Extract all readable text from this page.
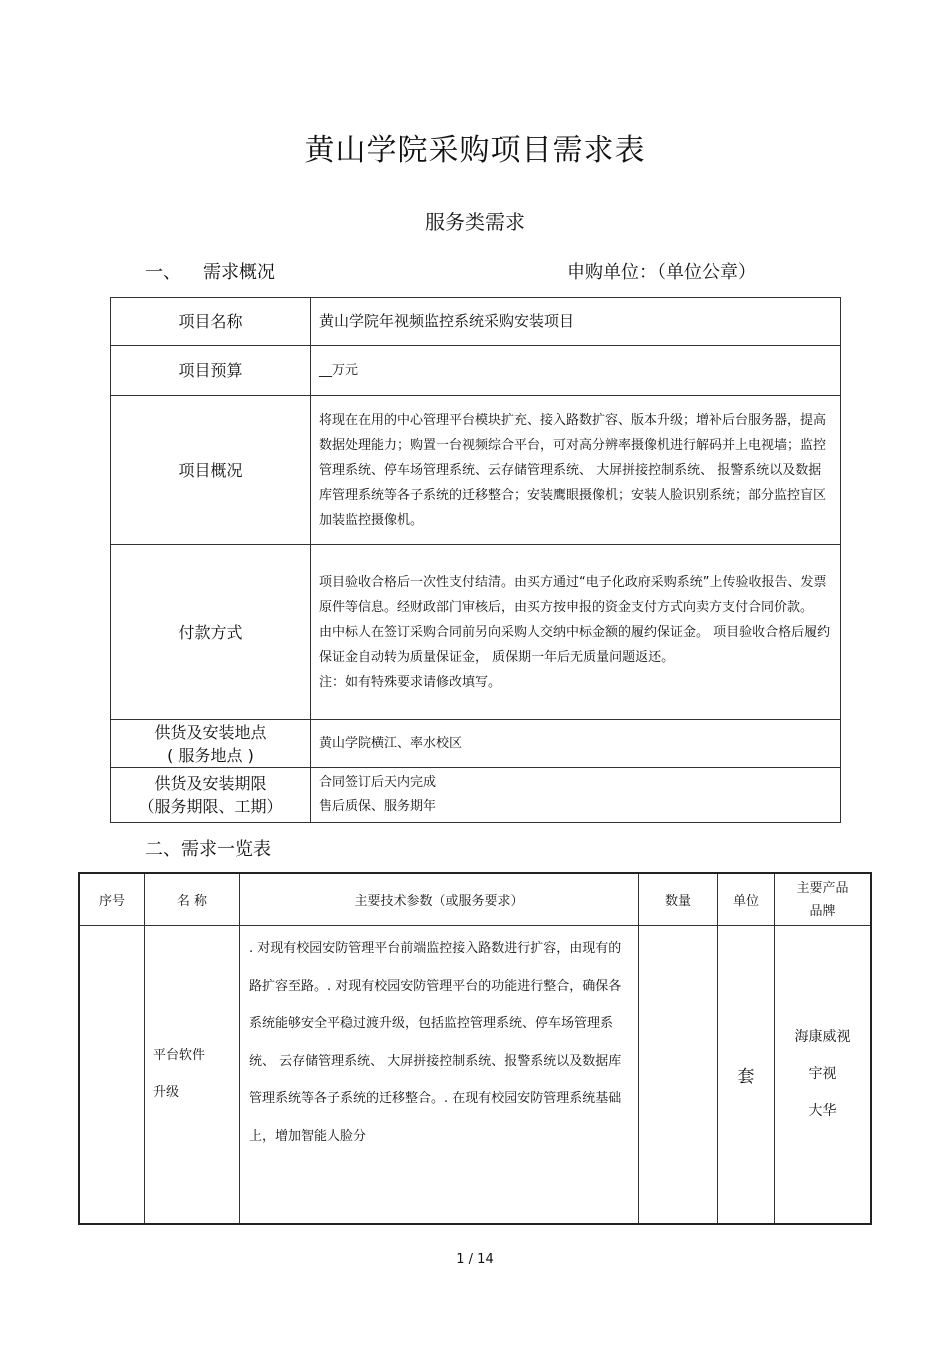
黄山学院采购项目需求表
服务类需求
一、 需求概况	申购单位：（单位公章）
项目名称	黄山学院年视频监控系统采购安装项目
项目预算	__万元
项目概况	将现在在用的中心管理平台模块扩充、接入路数扩容、版本升级；增补后台服务器，提高数据处理能力；购置一台视频综合平台，可对高分辨率摄像机进行解码并上电视墙；监控管理系统、停车场管理系统、云存储管理系统、 大屏拼接控制系统、 报警系统以及数据库管理系统等各子系统的迁移整合；安装鹰眼摄像机；安装人脸识别系统；部分监控盲区加装监控摄像机。
付款方式	项目验收合格后一次性支付结清。由买方通过“电子化政府采购系统”上传验收报告、发票原件等信息。经财政部门审核后，由买方按申报的资金支付方式向卖方支付合同价款。
由中标人在签订采购合同前另向采购人交纳中标金额的履约保证金。 项目验收合格后履约保证金自动转为质量保证金， 质保期一年后无质量问题返还。
注：如有特殊要求请修改填写。

供货及安装地点
( 服务地点 )	黄山学院横江、率水校区

供货及安装期限
（服务期限、工期）	合同签订后天内完成
售后质保、服务期年
二、需求一览表
序号	名 称	主要技术参数（或服务要求）	数量	单位	主要产品
品牌

	平台软件
升级	. 对现有校园安防管理平台前端监控接入路数进行扩容，由现有的路扩容至路。. 对现有校园安防管理平台的功能进行整合，确保各系统能够安全平稳过渡升级，包括监控管理系统、停车场管理系统、 云存储管理系统、 大屏拼接控制系统、报警系统以及数据库管理系统等各子系统的迁移整合。. 在现有校园安防管理系统基础上，增加智能人脸分		套	海康威视
宇视
大华
1 / 14
